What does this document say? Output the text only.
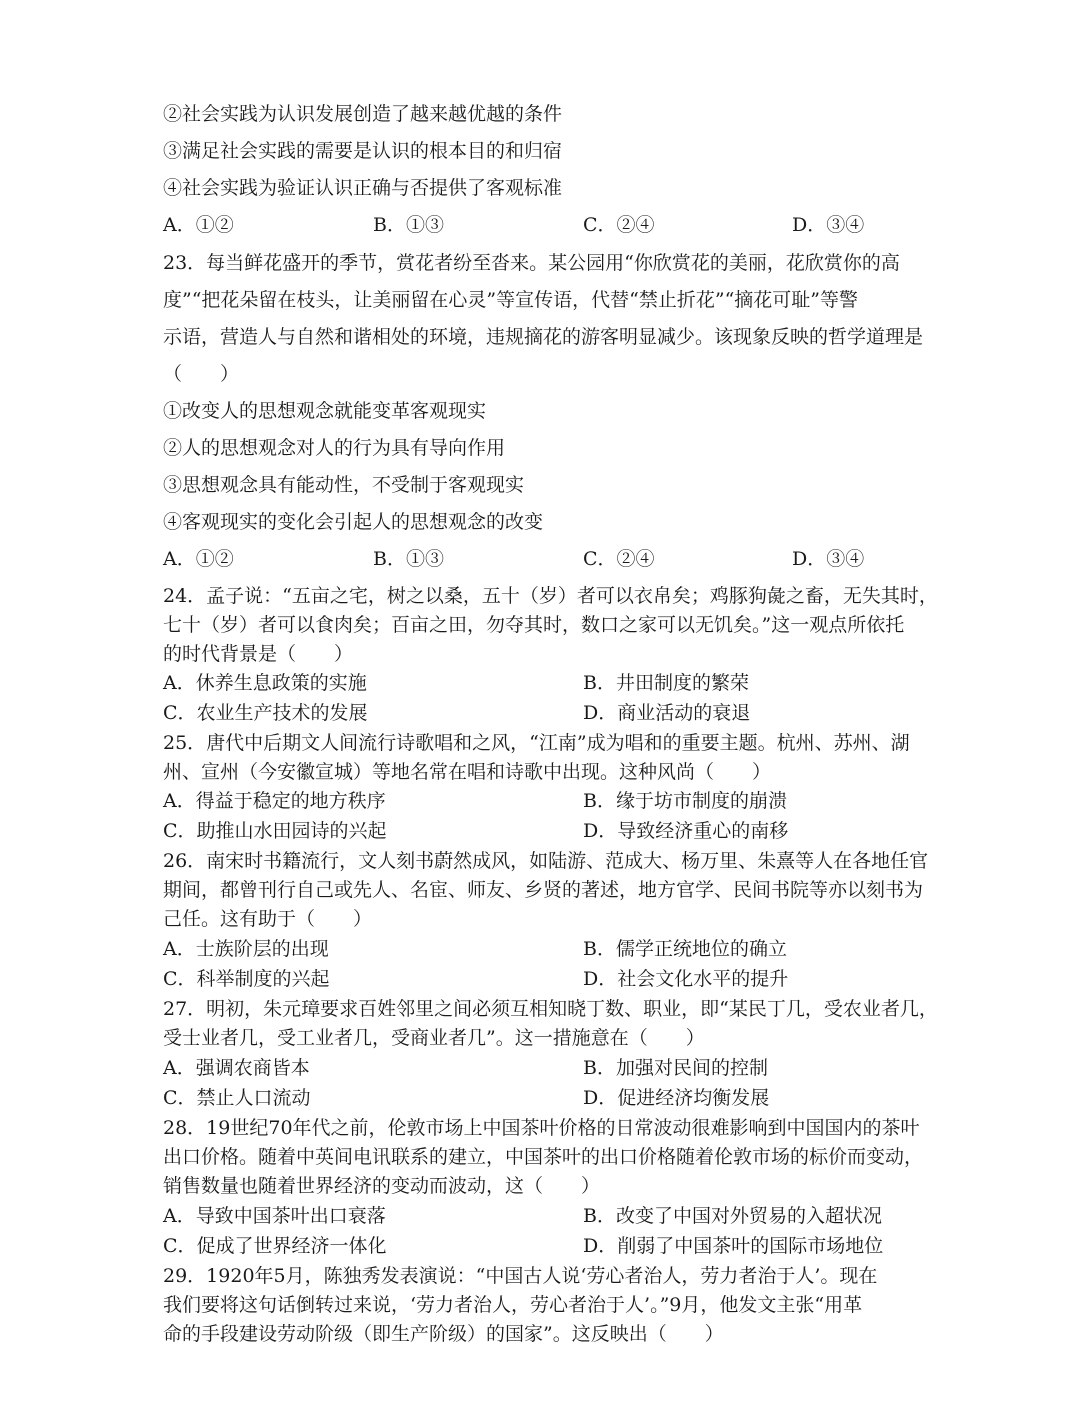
②社会实践为认识发展创造了越来越优越的条件
③满足社会实践的需要是认识的根本目的和归宿
④社会实践为验证认识正确与否提供了客观标准
A．①②	B．①③	C．②④	D．③④
23．每当鲜花盛开的季节，赏花者纷至沓来。某公园用“你欣赏花的美丽，花欣赏你的高
度”“把花朵留在枝头，让美丽留在心灵”等宣传语，代替“禁止折花”“摘花可耻”等警
示语，营造人与自然和谐相处的环境，违规摘花的游客明显减少。该现象反映的哲学道理是
（　　）
①改变人的思想观念就能变革客观现实
②人的思想观念对人的行为具有导向作用
③思想观念具有能动性，不受制于客观现实
④客观现实的变化会引起人的思想观念的改变
A．①②	B．①③	C．②④	D．③④
24．孟子说：“五亩之宅，树之以桑，五十（岁）者可以衣帛矣；鸡豚狗彘之畜，无失其时，
七十（岁）者可以食肉矣；百亩之田，勿夺其时，数口之家可以无饥矣。”这一观点所依托
的时代背景是（　　）
A．休养生息政策的实施	B．井田制度的繁荣
C．农业生产技术的发展	D．商业活动的衰退
25．唐代中后期文人间流行诗歌唱和之风，“江南”成为唱和的重要主题。杭州、苏州、湖
州、宣州（今安徽宣城）等地名常在唱和诗歌中出现。这种风尚（　　）
A．得益于稳定的地方秩序	B．缘于坊市制度的崩溃
C．助推山水田园诗的兴起	D．导致经济重心的南移
26．南宋时书籍流行，文人刻书蔚然成风，如陆游、范成大、杨万里、朱熹等人在各地任官
期间，都曾刊行自己或先人、名宦、师友、乡贤的著述，地方官学、民间书院等亦以刻书为
己任。这有助于（　　）
A．士族阶层的出现	B．儒学正统地位的确立
C．科举制度的兴起	D．社会文化水平的提升
27．明初，朱元璋要求百姓邻里之间必须互相知晓丁数、职业，即“某民丁几，受农业者几，
受士业者几，受工业者几，受商业者几”。这一措施意在（　　）
A．强调农商皆本	B．加强对民间的控制
C．禁止人口流动	D．促进经济均衡发展
28．19世纪70年代之前，伦敦市场上中国茶叶价格的日常波动很难影响到中国国内的茶叶
出口价格。随着中英间电讯联系的建立，中国茶叶的出口价格随着伦敦市场的标价而变动，
销售数量也随着世界经济的变动而波动，这（　　）
A．导致中国茶叶出口衰落	B．改变了中国对外贸易的入超状况
C．促成了世界经济一体化	D．削弱了中国茶叶的国际市场地位
29．1920年5月，陈独秀发表演说：“中国古人说‘劳心者治人，劳力者治于人’。现在
我们要将这句话倒转过来说，‘劳力者治人，劳心者治于人’。”9月，他发文主张“用革
命的手段建设劳动阶级（即生产阶级）的国家”。这反映出（　　）
